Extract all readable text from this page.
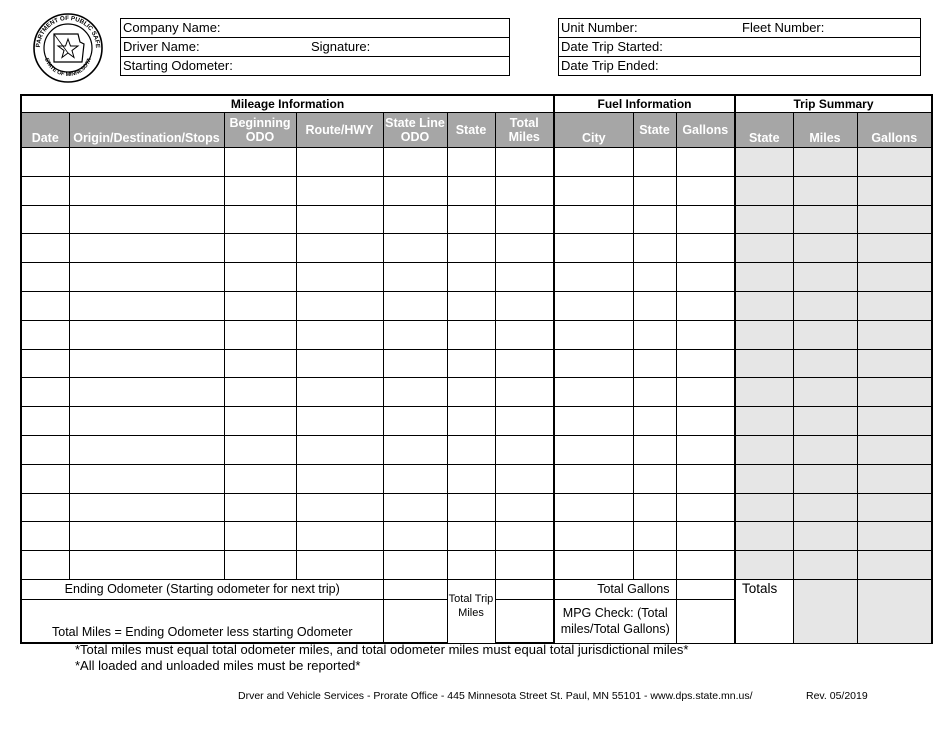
PARTMENT OF PUBLIC SAFE
STATE OF MINNESOTA
Company Name:
Driver Name:	Signature:
Starting Odometer:
Unit Number:	Fleet Number:
Date Trip Started:
Date Trip Ended:
Mileage Information							Fuel Information			Trip Summary		
Date	Origin/Destination/Stops	Beginning ODO	Route/HWY	State Line ODO	State	Total Miles	City	State	Gallons	State	Miles	Gallons

Ending Odometer (Starting odometer for next trip)					Total Trip Miles		Total Gallons			Totals		
Total Miles = Ending Odometer less starting Odometer							MPG Check: (Total miles/Total Gallons)					
*Total miles must equal total odometer miles, and total odometer miles must equal total jurisdictional miles*
*All loaded and unloaded miles must be reported*
Drver and Vehicle Services - Prorate Office - 445 Minnesota Street St. Paul, MN 55101 - www.dps.state.mn.us/	Rev. 05/2019
